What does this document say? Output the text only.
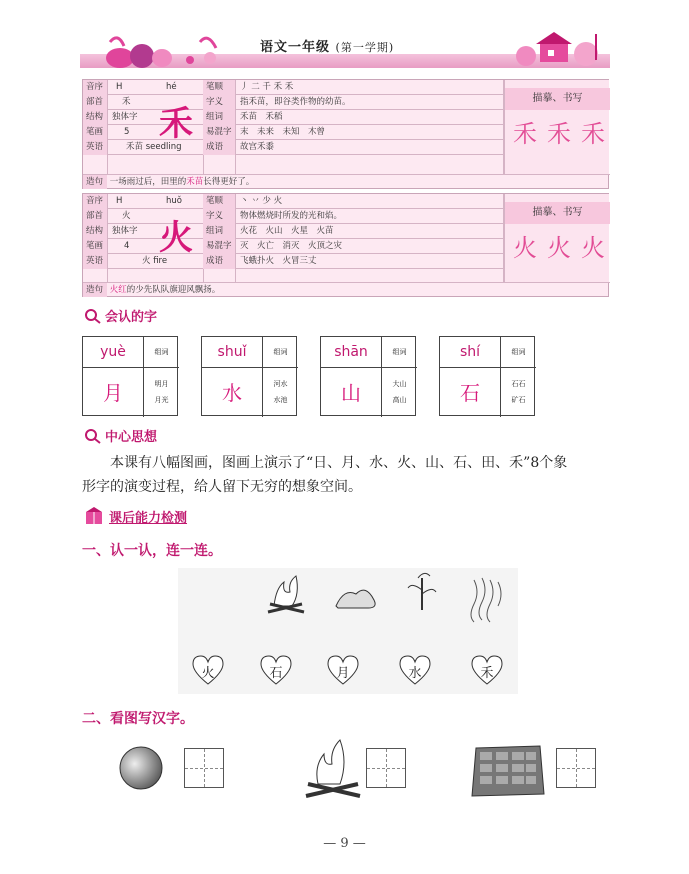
语文一年级 (第一学期)
音序	H	hé	笔顺	丿 二 千 禾 禾
部首	禾	字义	指禾苗，即谷类作物的幼苗。
结构	独体字	组词	禾苗　禾稻
笔画	5	易混字 末　未来　未知　木曾
英语	禾苗 seedling	成语	故宫禾黍
禾
描摹、书写
禾 禾 禾
造句 一场雨过后，田里的禾苗长得更好了。
音序	H	huǒ	笔顺	丶 丷 少 火
部首	火	字义	物体燃烧时所发的光和焰。
结构	独体字	组词	火花　火山　火星　火苗
笔画	4	易混字 灭　火亡　消灭　火顶之灾
英语	火 fire	成语	飞蛾扑火　火冒三丈
火
描摹、书写
火 火 火
造句 火红的少先队队旗迎风飘扬。
会认的字
yuè	组词
月	明月
月光
shuǐ	组词
水	河水
水池
shān	组词
山	大山
高山
shí	组词
石	石石
矿石
中心思想
本课有八幅图画，图画上演示了“日、月、水、火、山、石、田、禾”8个象
形字的演变过程，给人留下无穷的想象空间。
课后能力检测
一、认一认，连一连。
火	石	月	水	禾
二、看图写汉字。
— 9 —
